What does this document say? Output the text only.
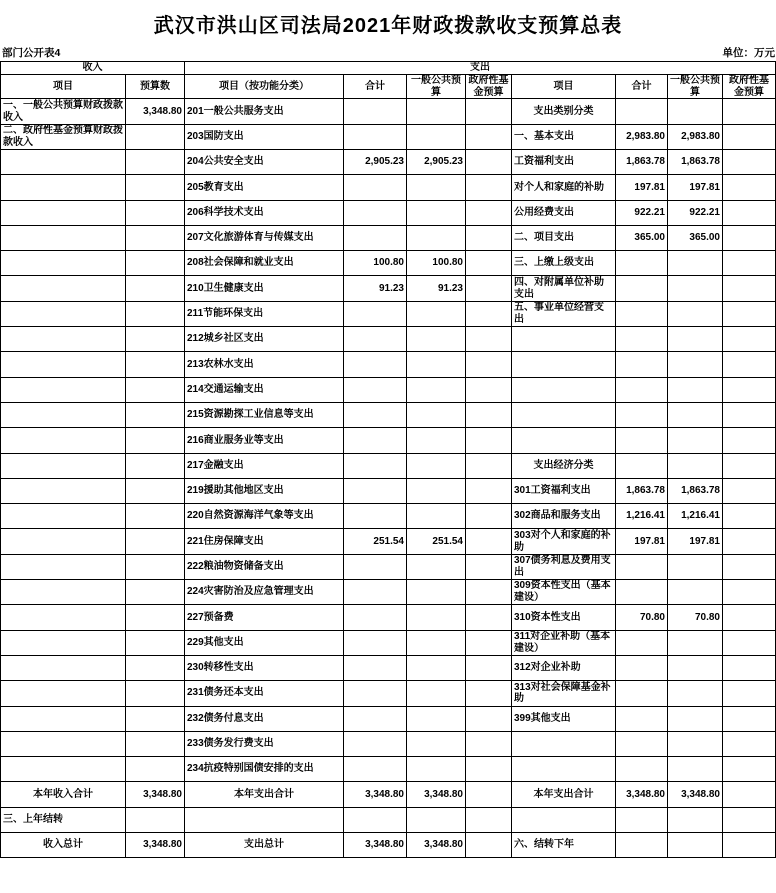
武汉市洪山区司法局2021年财政拨款收支预算总表
部门公开表4	单位：万元
收入		支出							
项目	预算数	项目（按功能分类）	合计	一般公共预算	政府性基金预算	项目	合计	一般公共预算	政府性基金预算
一、一般公共预算财政拨款收入	3,348.80	201一般公共服务支出				支出类别分类			
二、政府性基金预算财政拨款收入		203国防支出				一、基本支出	2,983.80	2,983.80	
		204公共安全支出	2,905.23	2,905.23		工资福利支出	1,863.78	1,863.78	
		205教育支出				对个人和家庭的补助	197.81	197.81	
		206科学技术支出				公用经费支出	922.21	922.21	
		207文化旅游体育与传媒支出				二、项目支出	365.00	365.00	
		208社会保障和就业支出	100.80	100.80		三、上缴上级支出			
		210卫生健康支出	91.23	91.23		四、对附属单位补助支出			
		211节能环保支出				五、事业单位经营支出			
		212城乡社区支出							
		213农林水支出							
		214交通运输支出							
		215资源勘探工业信息等支出							
		216商业服务业等支出							
		217金融支出				支出经济分类			
		219援助其他地区支出				301工资福利支出	1,863.78	1,863.78	
		220自然资源海洋气象等支出				302商品和服务支出	1,216.41	1,216.41	
		221住房保障支出	251.54	251.54		303对个人和家庭的补助	197.81	197.81	
		222粮油物资储备支出				307债务利息及费用支出			
		224灾害防治及应急管理支出				309资本性支出（基本建设）			
		227预备费				310资本性支出	70.80	70.80	
		229其他支出				311对企业补助（基本建设）			
		230转移性支出				312对企业补助			
		231债务还本支出				313对社会保障基金补助			
		232债务付息支出				399其他支出			
		233债务发行费支出							
		234抗疫特别国债安排的支出							
本年收入合计	3,348.80	本年支出合计	3,348.80	3,348.80		本年支出合计	3,348.80	3,348.80	
三、上年结转									
收入总计	3,348.80	支出总计	3,348.80	3,348.80		六、结转下年			
